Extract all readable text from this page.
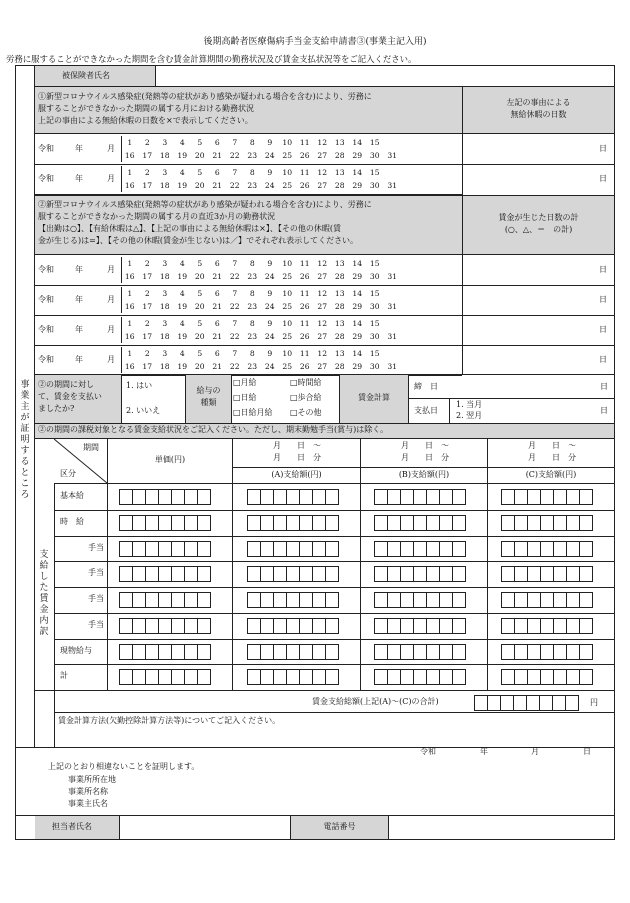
後期高齢者医療傷病手当金支給申請書③(事業主記入用)
労務に服することができなかった期間を含む賃金計算期間の勤務状況及び賃金支払状況等をご記入ください。
事業主が証明するところ
被保険者氏名
①新型コロナウイルス感染症(発熱等の症状があり感染が疑われる場合を含む)により、労務に
服することができなかった期間の属する月における勤務状況
上記の事由による無給休暇の日数を×で表示してください。
左記の事由による
無給休暇の日数
②新型コロナウイルス感染症(発熱等の症状があり感染が疑われる場合を含む)により、労務に
服することができなかった期間の属する月の直近3か月の勤務状況
【出勤は○】、【有給休暇は△】、【上記の事由による無給休暇は×】、【その他の休暇(賃
金が生じる)は=】、【その他の休暇(賃金が生じない)は／】でそれぞれ表示してください。
賃金が生じた日数の計
(○、△、＝　の計)
令和	年	月
1 2 3 4 5 6 7 8 9 10 11 12 13 14 15
16 17 18 19 20 21 22 23 24 25 26 27 28 29 30 31
日
令和	年	月
1 2 3 4 5 6 7 8 9 10 11 12 13 14 15
16 17 18 19 20 21 22 23 24 25 26 27 28 29 30 31
日
令和	年	月
1 2 3 4 5 6 7 8 9 10 11 12 13 14 15
16 17 18 19 20 21 22 23 24 25 26 27 28 29 30 31
日
令和	年	月
1 2 3 4 5 6 7 8 9 10 11 12 13 14 15
16 17 18 19 20 21 22 23 24 25 26 27 28 29 30 31
日
令和	年	月
1 2 3 4 5 6 7 8 9 10 11 12 13 14 15
16 17 18 19 20 21 22 23 24 25 26 27 28 29 30 31
日
令和	年	月
1 2 3 4 5 6 7 8 9 10 11 12 13 14 15
16 17 18 19 20 21 22 23 24 25 26 27 28 29 30 31
日
②の期間に対し
て、賃金を支払い
ましたか?
1. はい
2. いいえ
給与の
種類
□月給	□時間給
□日給	□歩合給
□日給月給 □その他
賃金計算
締　日	日
支払日
1. 当月
2. 翌月
日
②の期間の課税対象となる賃金支給状況をご記入ください。ただし、期末勤勉手当(賞与)は除く。
期間
区分
単価(円)
月　　日　〜
月　　日　分
月　　日　〜
月　　日　分
月　　日　〜
月　　日　分
(A)支給額(円)	(B)支給額(円)	(C)支給額(円)
支給した賃金内訳
基本給
時　給
手当
手当
手当
手当
現物給与
計
賃金支給総額(上記(A)〜(C)の合計)	円
賃金計算方法(欠勤控除計算方法等)についてご記入ください。
令和	年	月	日
上記のとおり相違ないことを証明します。
事業所所在地
事業所名称
事業主氏名
担当者氏名	電話番号
